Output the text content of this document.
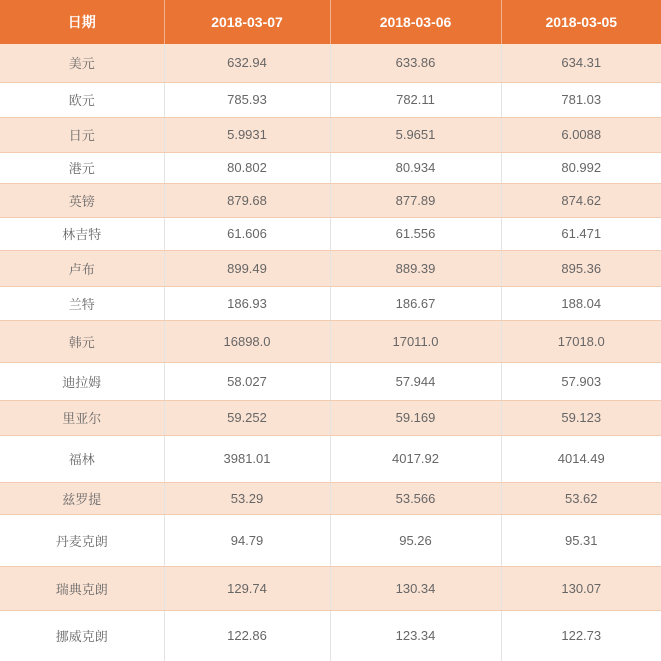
日期	2018-03-07	2018-03-06	2018-03-05
美元	632.94	633.86	634.31
欧元	785.93	782.11	781.03
日元	5.9931	5.9651	6.0088
港元	80.802	80.934	80.992
英镑	879.68	877.89	874.62
林吉特	61.606	61.556	61.471
卢布	899.49	889.39	895.36
兰特	186.93	186.67	188.04
韩元	16898.0	17011.0	17018.0
迪拉姆	58.027	57.944	57.903
里亚尔	59.252	59.169	59.123
福林	3981.01	4017.92	4014.49
兹罗提	53.29	53.566	53.62
丹麦克朗	94.79	95.26	95.31
瑞典克朗	129.74	130.34	130.07
挪威克朗	122.86	123.34	122.73
